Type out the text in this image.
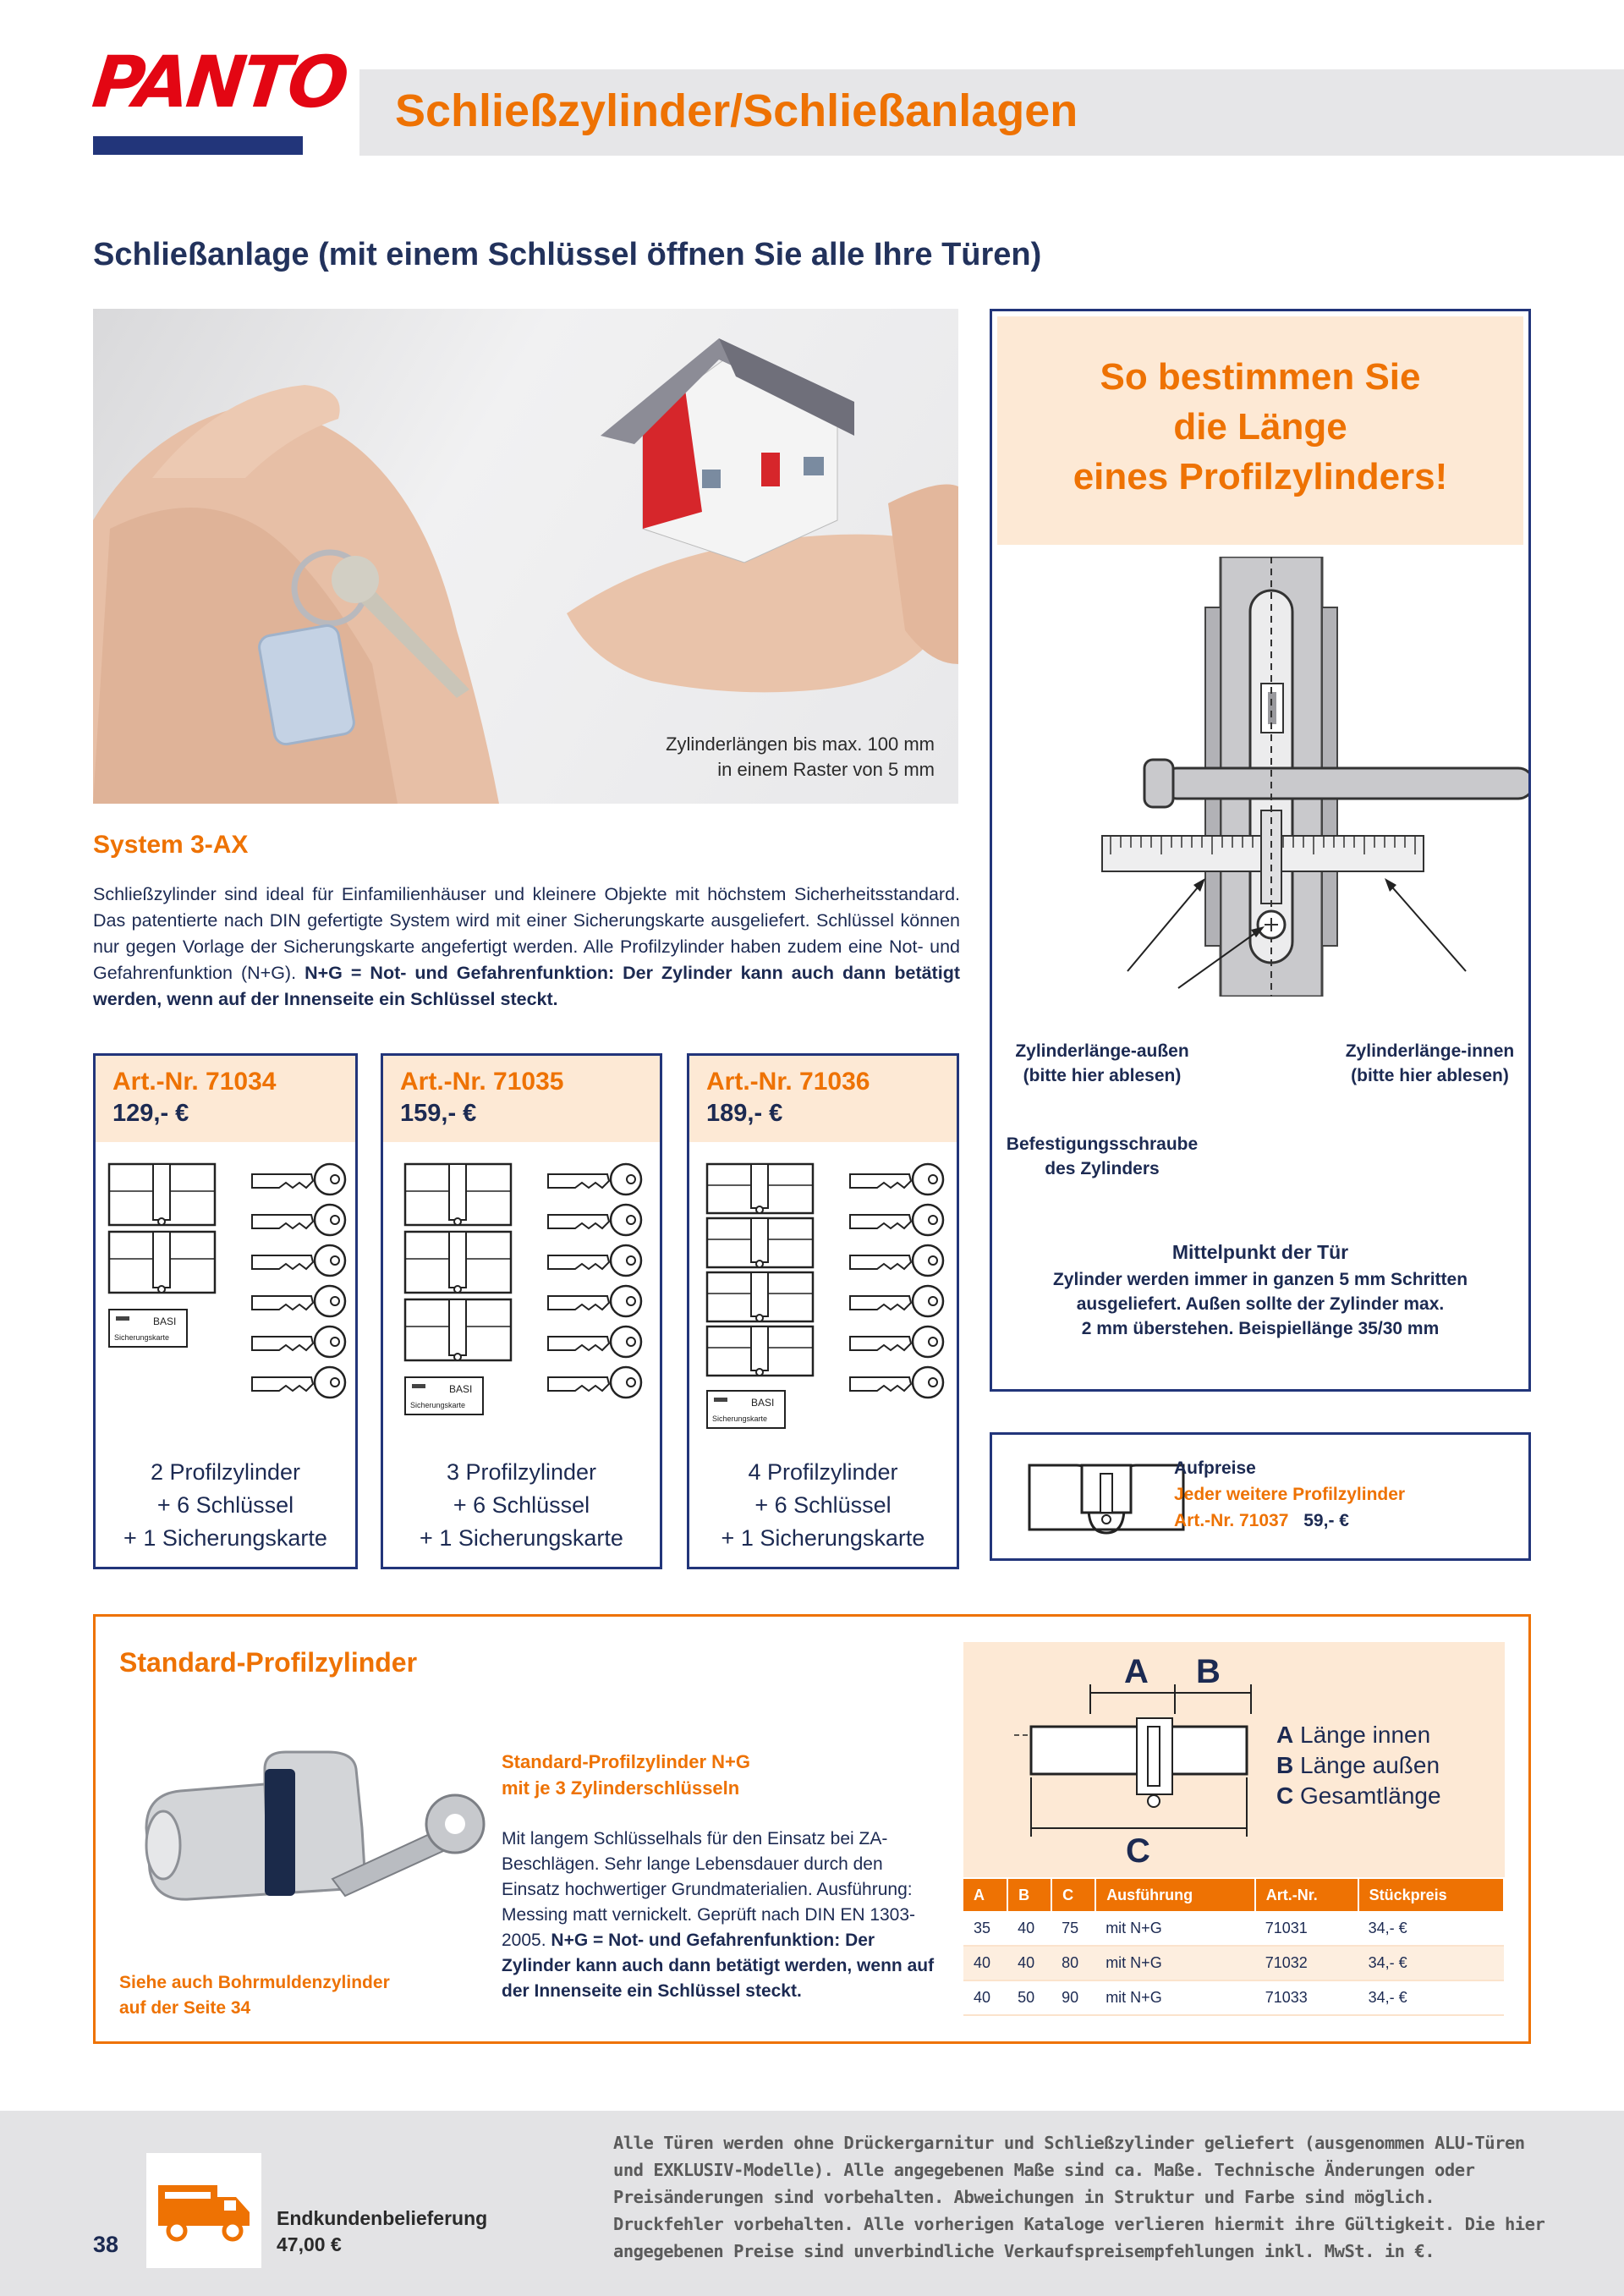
PANTO Schließzylinder/Schließanlagen
Schließanlage (mit einem Schlüssel öffnen Sie alle Ihre Türen)
Zylinderlängen bis max. 100 mm
in einem Raster von 5 mm
System 3-AX
Schließzylinder sind ideal für Einfamilienhäuser und kleinere Objekte mit höchstem Sicherheitsstandard. Das patentierte nach DIN gefertigte System wird mit einer Sicherungskarte ausgeliefert. Schlüssel können nur gegen Vorlage der Sicherungskarte angefertigt werden. Alle Profilzylinder haben zudem eine Not- und Gefahrenfunktion (N+G). N+G = Not- und Gefahrenfunktion: Der Zylinder kann auch dann betätigt werden, wenn auf der Innenseite ein Schlüssel steckt.
Art.-Nr. 71034
129,- €
BASI
Sicherungskarte
2 Profilzylinder
+ 6 Schlüssel
+ 1 Sicherungskarte
Art.-Nr. 71035
159,- €
BASI
Sicherungskarte
3 Profilzylinder
+ 6 Schlüssel
+ 1 Sicherungskarte
Art.-Nr. 71036
189,- €
BASI
Sicherungskarte
4 Profilzylinder
+ 6 Schlüssel
+ 1 Sicherungskarte
So bestimmen Sie
die Länge
eines Profilzylinders!
Zylinderlänge-außen
(bitte hier ablesen)
Zylinderlänge-innen
(bitte hier ablesen)
Befestigungsschraube
des Zylinders
Mittelpunkt der Tür
Zylinder werden immer in ganzen 5 mm Schritten
ausgeliefert. Außen sollte der Zylinder max.
2 mm überstehen. Beispiellänge 35/30 mm
Aufpreise
Jeder weitere Profilzylinder
Art.-Nr. 71037 59,- €
Standard-Profilzylinder
Siehe auch Bohrmuldenzylinder
auf der Seite 34
Standard-Profilzylinder N+G
mit je 3 Zylinderschlüsseln
Mit langem Schlüsselhals für den Einsatz bei ZA-Beschlägen. Sehr lange Lebensdauer durch den Einsatz hochwertiger Grundmaterialien. Ausführung: Messing matt vernickelt. Geprüft nach DIN EN 1303-2005. N+G = Not- und Gefahrenfunktion: Der Zylinder kann auch dann betätigt werden, wenn auf der Innenseite ein Schlüssel steckt.
A B
C
A Länge innen
B Länge außen
C Gesamtlänge
A	B	C	Ausführung	Art.-Nr.	Stückpreis
35	40	75	mit N+G	71031	34,- €
40	40	80	mit N+G	71032	34,- €
40	50	90	mit N+G	71033	34,- €
38
Endkundenbelieferung
47,00 €
Alle Türen werden ohne Drückergarnitur und Schließzylinder geliefert (ausgenommen ALU-Türen und EXKLUSIV-Modelle). Alle angegebenen Maße sind ca. Maße. Technische Änderungen oder Preisänderungen sind vorbehalten. Abweichungen in Struktur und Farbe sind möglich. Druckfehler vorbehalten. Alle vorherigen Kataloge verlieren hiermit ihre Gültigkeit. Die hier angegebenen Preise sind unverbindliche Verkaufspreisempfehlungen inkl. MwSt. in €.
